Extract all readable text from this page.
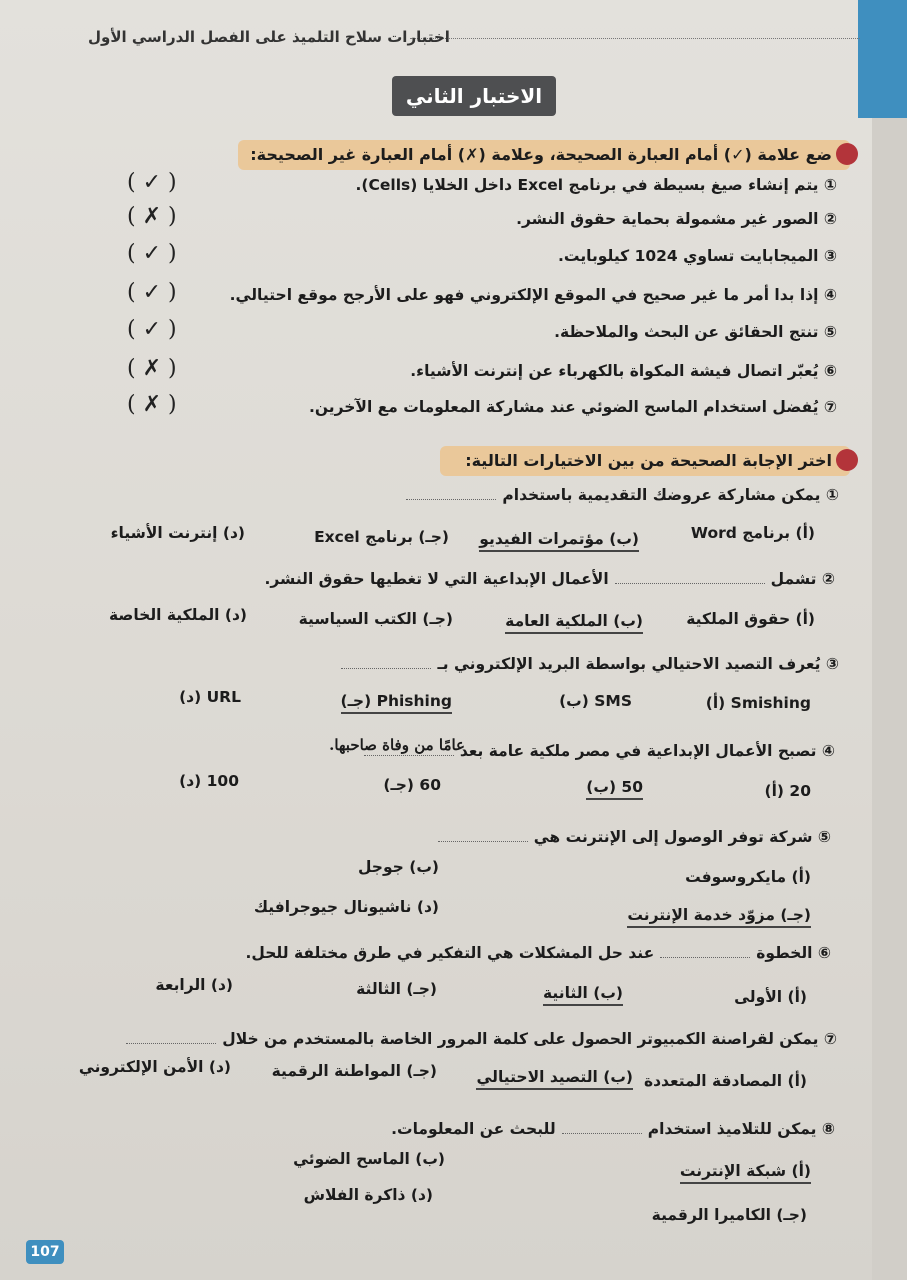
اختبارات سلاح التلميذ على الفصل الدراسي الأول
الاختبار الثاني
ضع علامة (✓) أمام العبارة الصحيحة، وعلامة (✗) أمام العبارة غير الصحيحة:
① يتم إنشاء صيغ بسيطة في برنامج Excel داخل الخلايا (Cells).
( ✓ )
② الصور غير مشمولة بحماية حقوق النشر.
( ✗ )
③ الميجابايت تساوي 1024 كيلوبايت.
( ✓ )
④ إذا بدا أمر ما غير صحيح في الموقع الإلكتروني فهو على الأرجح موقع احتيالي.
( ✓ )
⑤ تنتج الحقائق عن البحث والملاحظة.
( ✓ )
⑥ يُعبّر اتصال فيشة المكواة بالكهرباء عن إنترنت الأشياء.
( ✗ )
⑦ يُفضل استخدام الماسح الضوئي عند مشاركة المعلومات مع الآخرين.
( ✗ )
اختر الإجابة الصحيحة من بين الاختيارات التالية:
① يمكن مشاركة عروضك التقديمية باستخدام
(أ) برنامج Word
(ب) مؤتمرات الفيديو
(جـ) برنامج Excel
(د) إنترنت الأشياء
② تشملالأعمال الإبداعية التي لا تغطيها حقوق النشر.
(أ) حقوق الملكية
(ب) الملكية العامة
(جـ) الكتب السياسية
(د) الملكية الخاصة
③ يُعرف التصيد الاحتيالي بواسطة البريد الإلكتروني بـ
Smishing (أ)
SMS (ب)
Phishing (جـ)
URL (د)
④ تصبح الأعمال الإبداعية في مصر ملكية عامة بعد
عامًا من وفاة صاحبها.
20 (أ)
50 (ب)
60 (جـ)
100 (د)
⑤ شركة توفر الوصول إلى الإنترنت هي
(أ) مايكروسوفت
(ب) جوجل
(جـ) مزوّد خدمة الإنترنت
(د) ناشيونال جيوجرافيك
⑥ الخطوةعند حل المشكلات هي التفكير في طرق مختلفة للحل.
(أ) الأولى
(ب) الثانية
(جـ) الثالثة
(د) الرابعة
⑦ يمكن لقراصنة الكمبيوتر الحصول على كلمة المرور الخاصة بالمستخدم من خلال
(أ) المصادقة المتعددة
(ب) التصيد الاحتيالي
(جـ) المواطنة الرقمية
(د) الأمن الإلكتروني
⑧ يمكن للتلاميذ استخدامللبحث عن المعلومات.
(أ) شبكة الإنترنت
(ب) الماسح الضوئي
(جـ) الكاميرا الرقمية
(د) ذاكرة الفلاش
107
